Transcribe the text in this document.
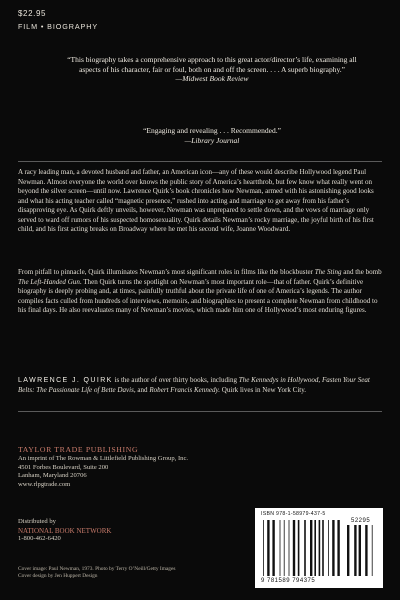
$22.95
FILM • BIOGRAPHY
“This biography takes a comprehensive approach to this great actor/director’s life, examining all aspects of his character, fair or foul, both on and off the screen. . . . A superb biography.”
—Midwest Book Review
“Engaging and revealing . . . Recommended.”
—Library Journal

A racy leading man, a devoted husband and father, an American icon—any of these would describe Hollywood legend Paul Newman. Almost everyone the world over knows the public story of America’s heartthrob, but few know what really went on beyond the silver screen—until now. Lawrence Quirk’s book chronicles how Newman, armed with his astonishing good looks and what his acting teacher called “magnetic presence,” rushed into acting and marriage to get away from his father’s disapproving eye. As Quirk deftly unveils, however, Newman was unprepared to settle down, and the vows of marriage only served to ward off rumors of his suspected homosexuality. Quirk details Newman’s rocky marriage, the joyful birth of his first child, and his first acting breaks on Broadway where he met his second wife, Joanne Woodward.

From pitfall to pinnacle, Quirk illuminates Newman’s most significant roles in films like the blockbuster The Sting and the bomb The Left-Handed Gun. Then Quirk turns the spotlight on Newman’s most important role—that of father. Quirk’s definitive biography is deeply probing and, at times, painfully truthful about the private life of one of America’s legends. The author compiles facts culled from hundreds of interviews, memoirs, and biographies to present a complete Newman from childhood to his final days. He also reevaluates many of Newman’s movies, which made him one of Hollywood’s most enduring figures.

LAWRENCE J. QUIRK is the author of over thirty books, including The Kennedys in Hollywood, Fasten Your Seat Belts: The Passionate Life of Bette Davis, and Robert Francis Kennedy. Quirk lives in New York City.

TAYLOR TRADE PUBLISHING
An imprint of The Rowman & Littlefield Publishing Group, Inc.
4501 Forbes Boulevard, Suite 200
Lanham, Maryland 20706
www.rlpgtrade.com
Distributed by
NATIONAL BOOK NETWORK
1-800-462-6420
Cover image: Paul Newman, 1973. Photo by Terry O’Neill/Getty Images
Cover design by Jen Huppert Design
ISBN 978-1-58979-437-5
52295
9 781589 794375
